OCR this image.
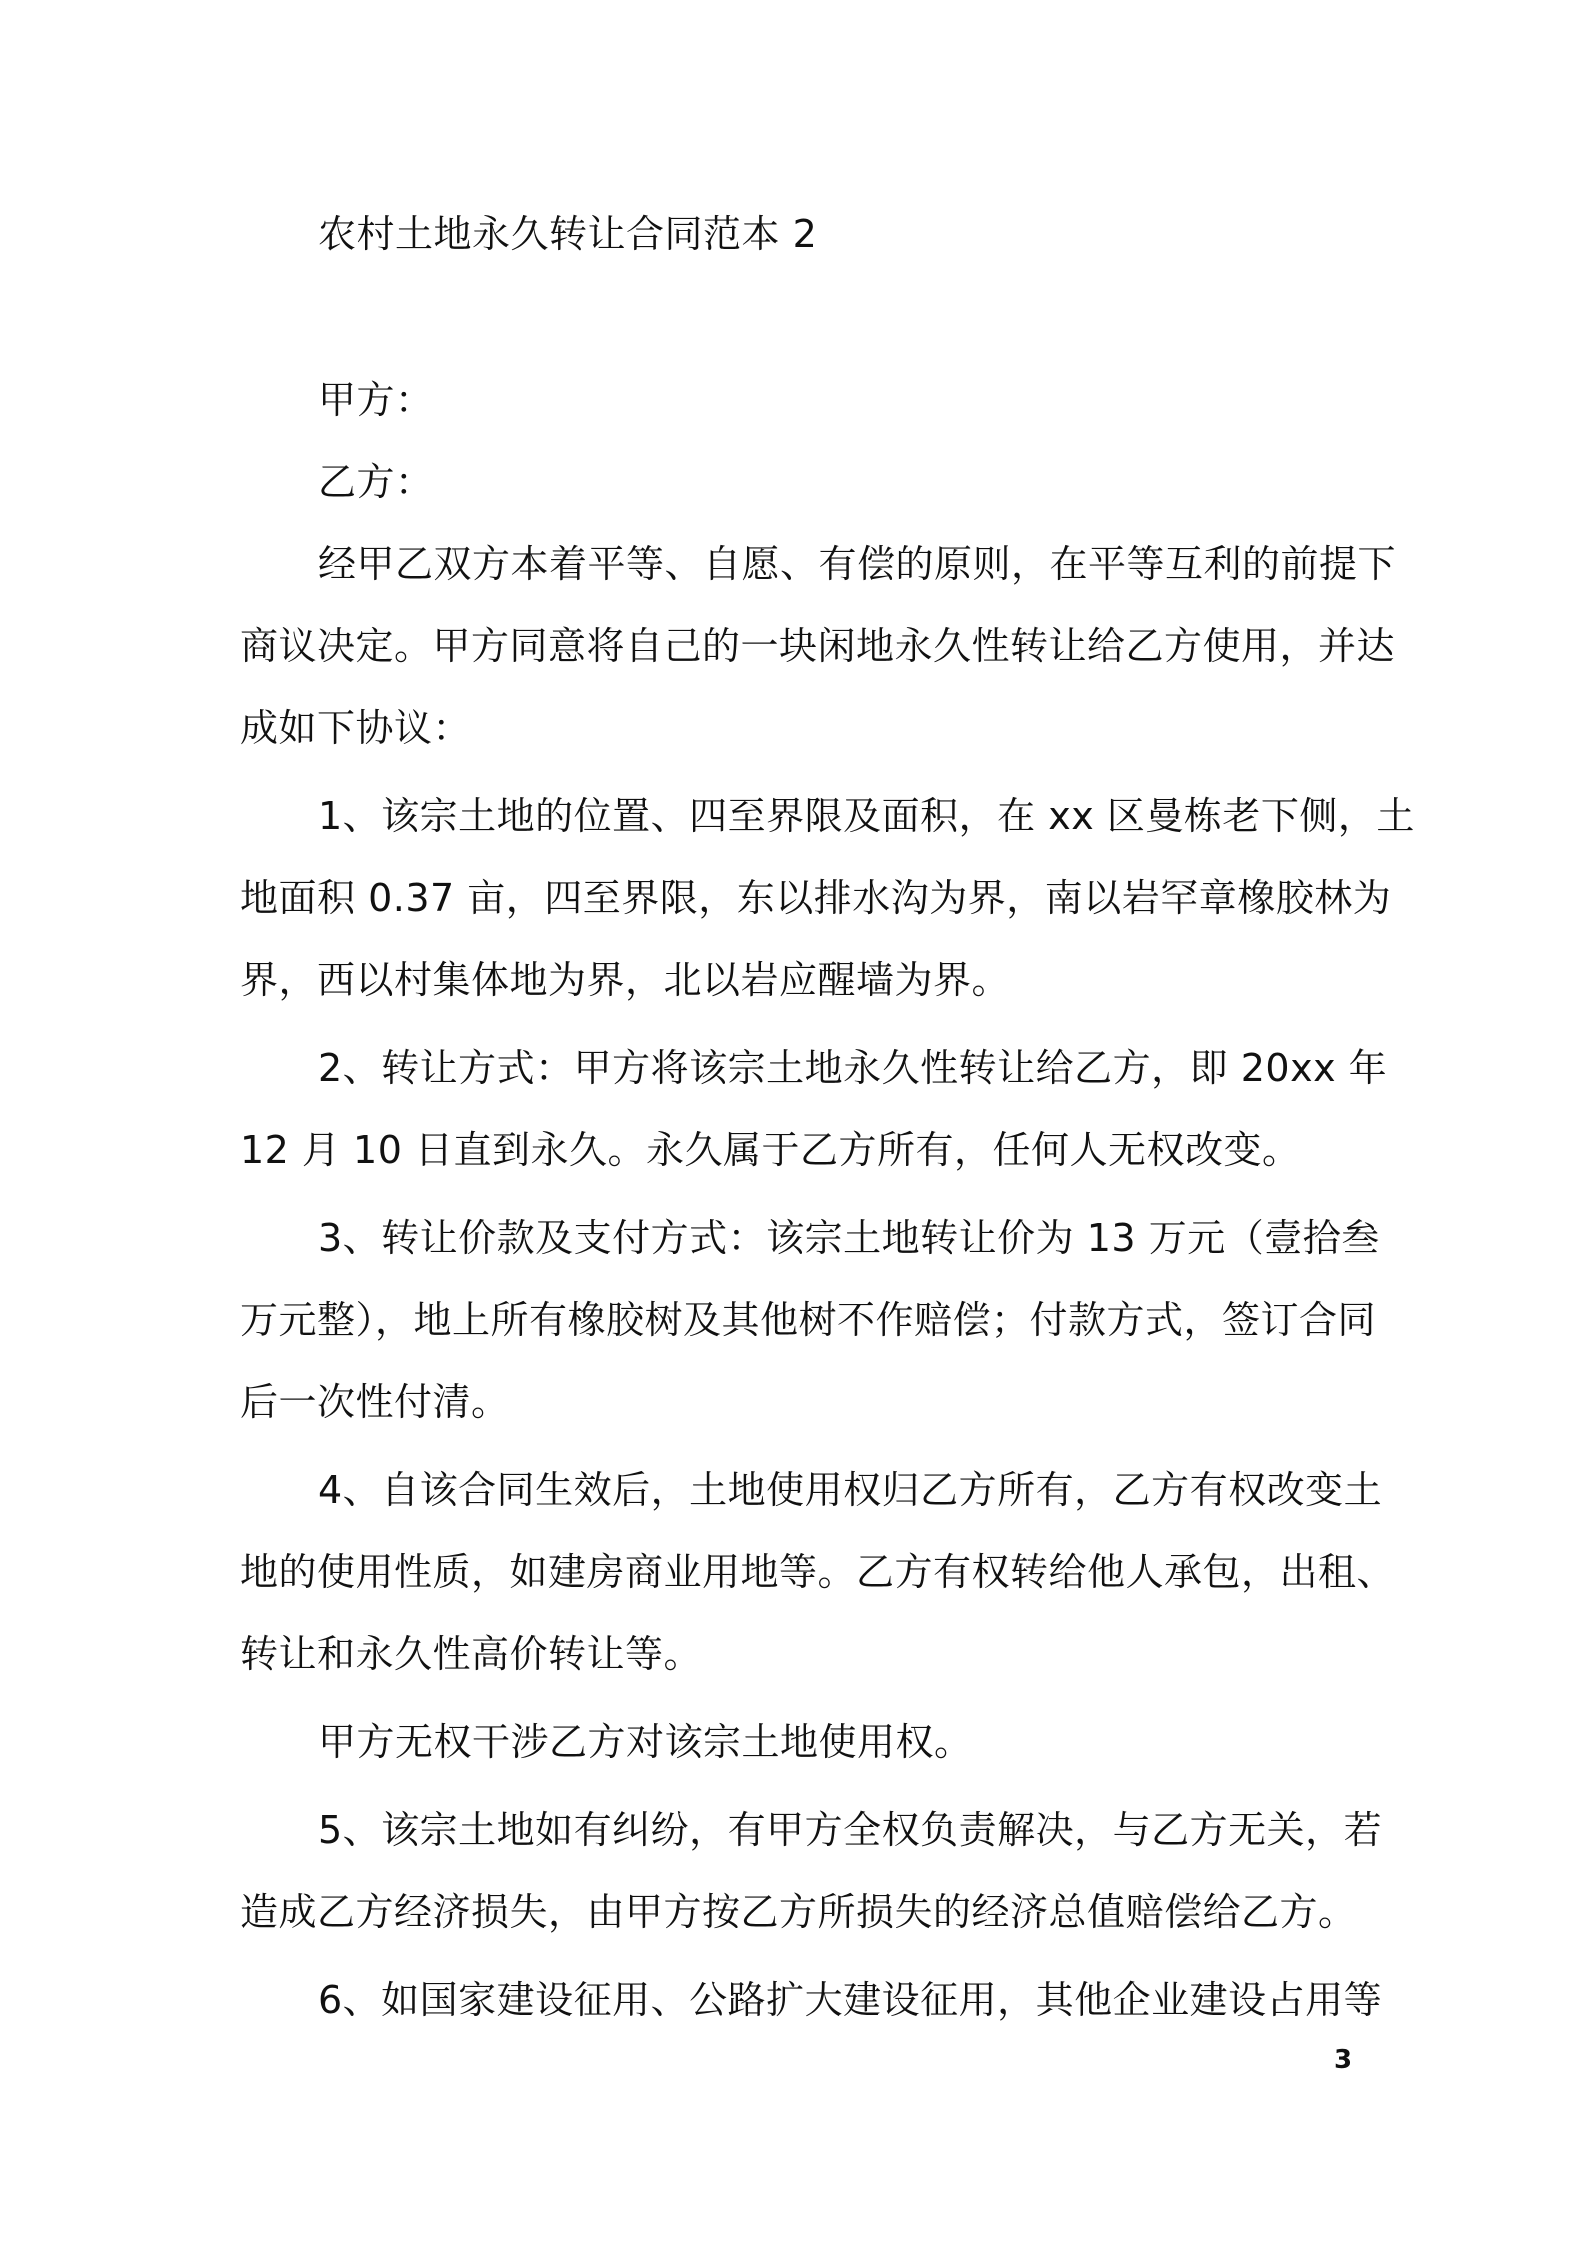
农村土地永久转让合同范本 2
甲方：
乙方：
经甲乙双方本着平等、自愿、有偿的原则，在平等互利的前提下
商议决定。甲方同意将自己的一块闲地永久性转让给乙方使用，并达
成如下协议：
1、该宗土地的位置、四至界限及面积，在 xx 区曼栋老下侧，土
地面积 0.37 亩，四至界限，东以排水沟为界，南以岩罕章橡胶林为
界，西以村集体地为界，北以岩应醒墙为界。
2、转让方式：甲方将该宗土地永久性转让给乙方，即 20xx 年
12 月 10 日直到永久。永久属于乙方所有，任何人无权改变。
3、转让价款及支付方式：该宗土地转让价为 13 万元（壹拾叁
万元整），地上所有橡胶树及其他树不作赔偿；付款方式，签订合同
后一次性付清。
4、自该合同生效后，土地使用权归乙方所有，乙方有权改变土
地的使用性质，如建房商业用地等。乙方有权转给他人承包，出租、
转让和永久性高价转让等。
甲方无权干涉乙方对该宗土地使用权。
5、该宗土地如有纠纷，有甲方全权负责解决，与乙方无关，若
造成乙方经济损失，由甲方按乙方所损失的经济总值赔偿给乙方。
6、如国家建设征用、公路扩大建设征用，其他企业建设占用等
3
